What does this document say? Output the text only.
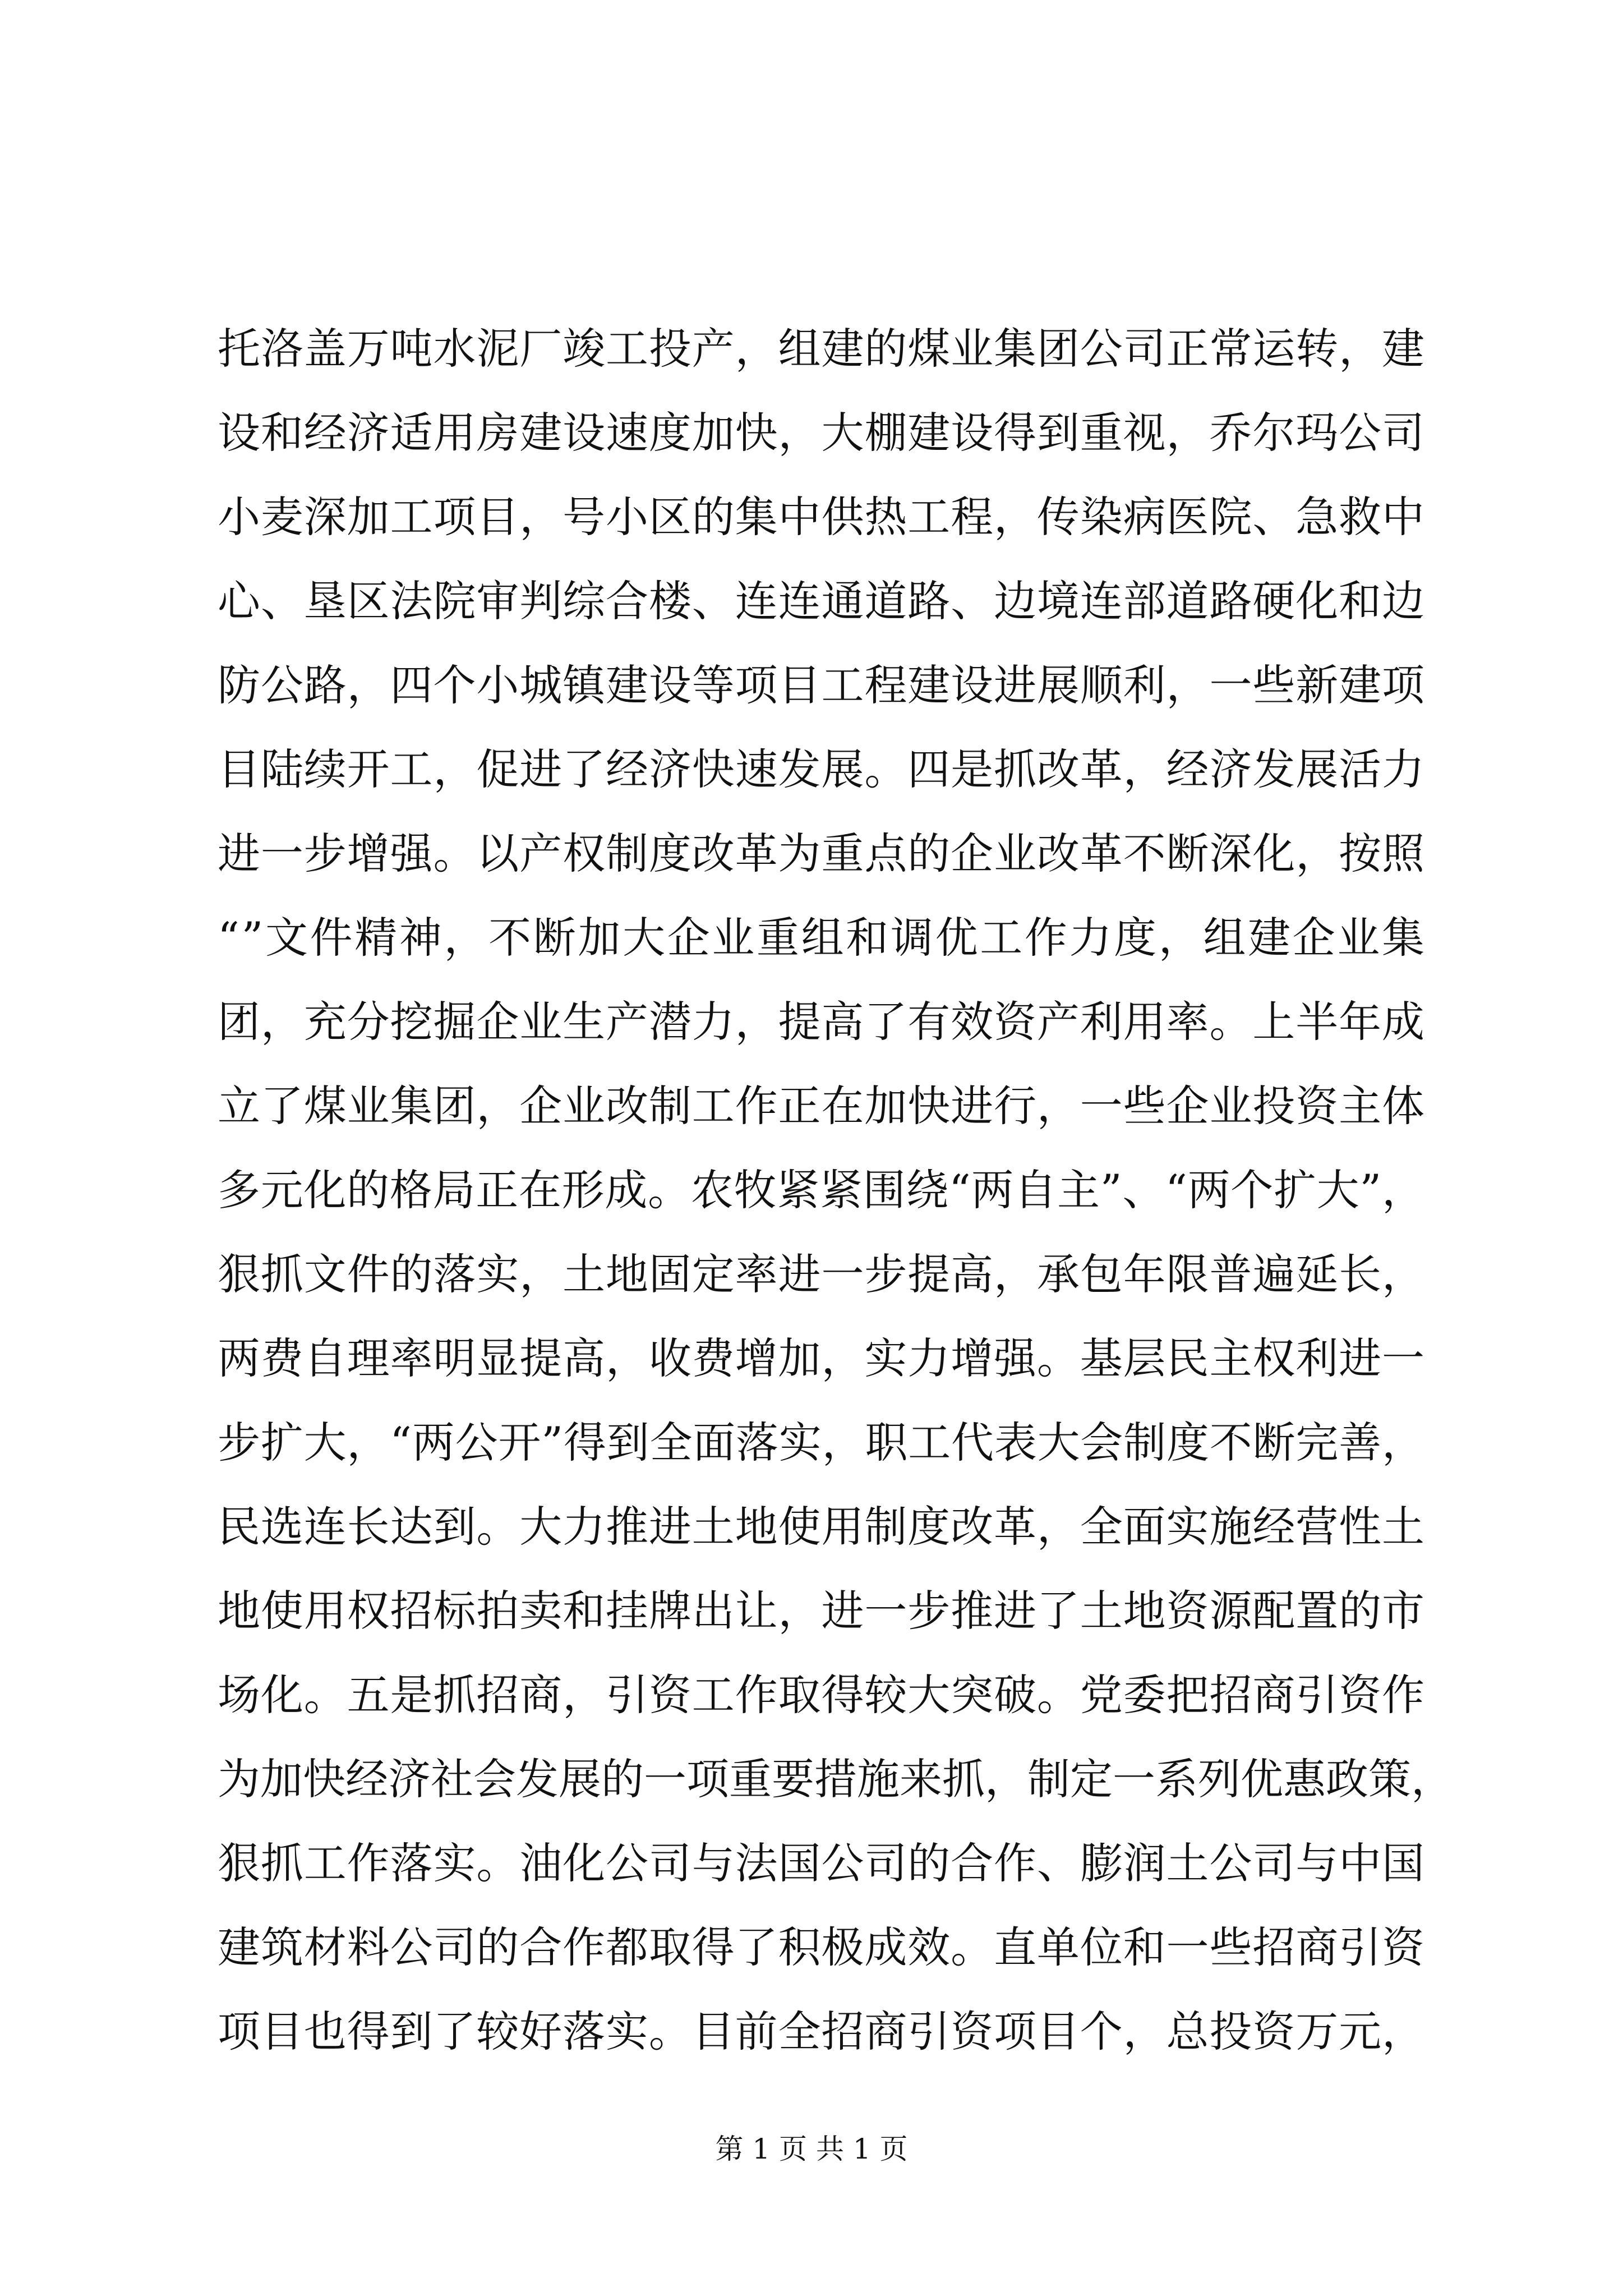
托洛盖万吨水泥厂竣工投产，组建的煤业集团公司正常运转，建
设和经济适用房建设速度加快，大棚建设得到重视，乔尔玛公司
小麦深加工项目，号小区的集中供热工程，传染病医院、急救中
心、垦区法院审判综合楼、连连通道路、边境连部道路硬化和边
防公路，四个小城镇建设等项目工程建设进展顺利，一些新建项
目陆续开工，促进了经济快速发展。四是抓改革，经济发展活力
进一步增强。以产权制度改革为重点的企业改革不断深化，按照
“”文件精神，不断加大企业重组和调优工作力度，组建企业集
团，充分挖掘企业生产潜力，提高了有效资产利用率。上半年成
立了煤业集团，企业改制工作正在加快进行，一些企业投资主体
多元化的格局正在形成。农牧紧紧围绕“两自主”、“两个扩大”，
狠抓文件的落实，土地固定率进一步提高，承包年限普遍延长，
两费自理率明显提高，收费增加，实力增强。基层民主权利进一
步扩大，“两公开”得到全面落实，职工代表大会制度不断完善，
民选连长达到。大力推进土地使用制度改革，全面实施经营性土
地使用权招标拍卖和挂牌出让，进一步推进了土地资源配置的市
场化。五是抓招商，引资工作取得较大突破。党委把招商引资作
为加快经济社会发展的一项重要措施来抓，制定一系列优惠政策，
狠抓工作落实。油化公司与法国公司的合作、膨润土公司与中国
建筑材料公司的合作都取得了积极成效。直单位和一些招商引资
项目也得到了较好落实。目前全招商引资项目个，总投资万元，
第 1 页 共 1 页
